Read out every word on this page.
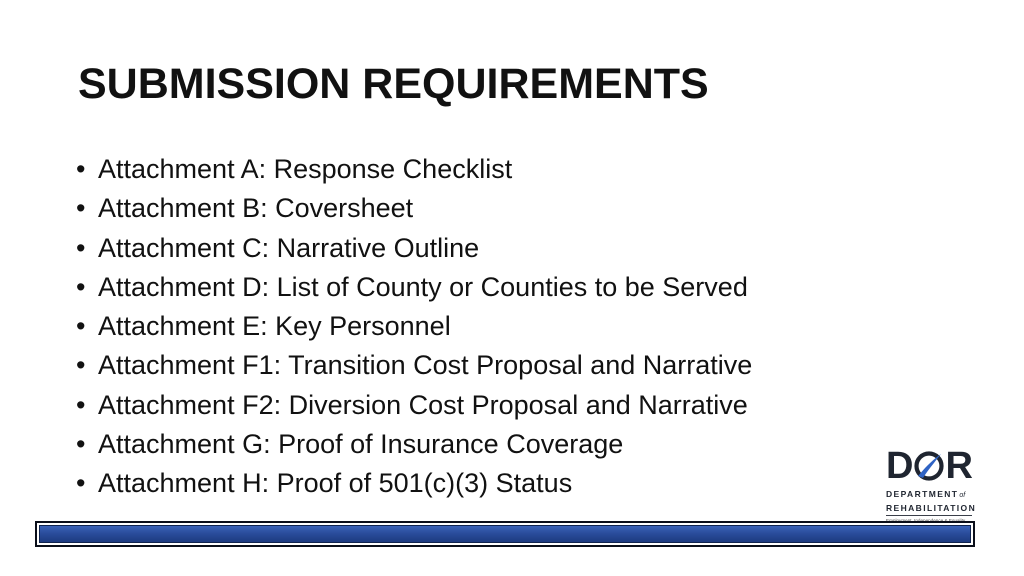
SUBMISSION REQUIREMENTS
• Attachment A: Response Checklist
• Attachment B: Coversheet
• Attachment C: Narrative Outline
• Attachment D: List of County or Counties to be Served
• Attachment E: Key Personnel
• Attachment F1: Transition Cost Proposal and Narrative
• Attachment F2: Diversion Cost Proposal and Narrative
• Attachment G: Proof of Insurance Coverage
• Attachment H: Proof of 501(c)(3) Status	D R
DEPARTMENTof
REHABILITATION
